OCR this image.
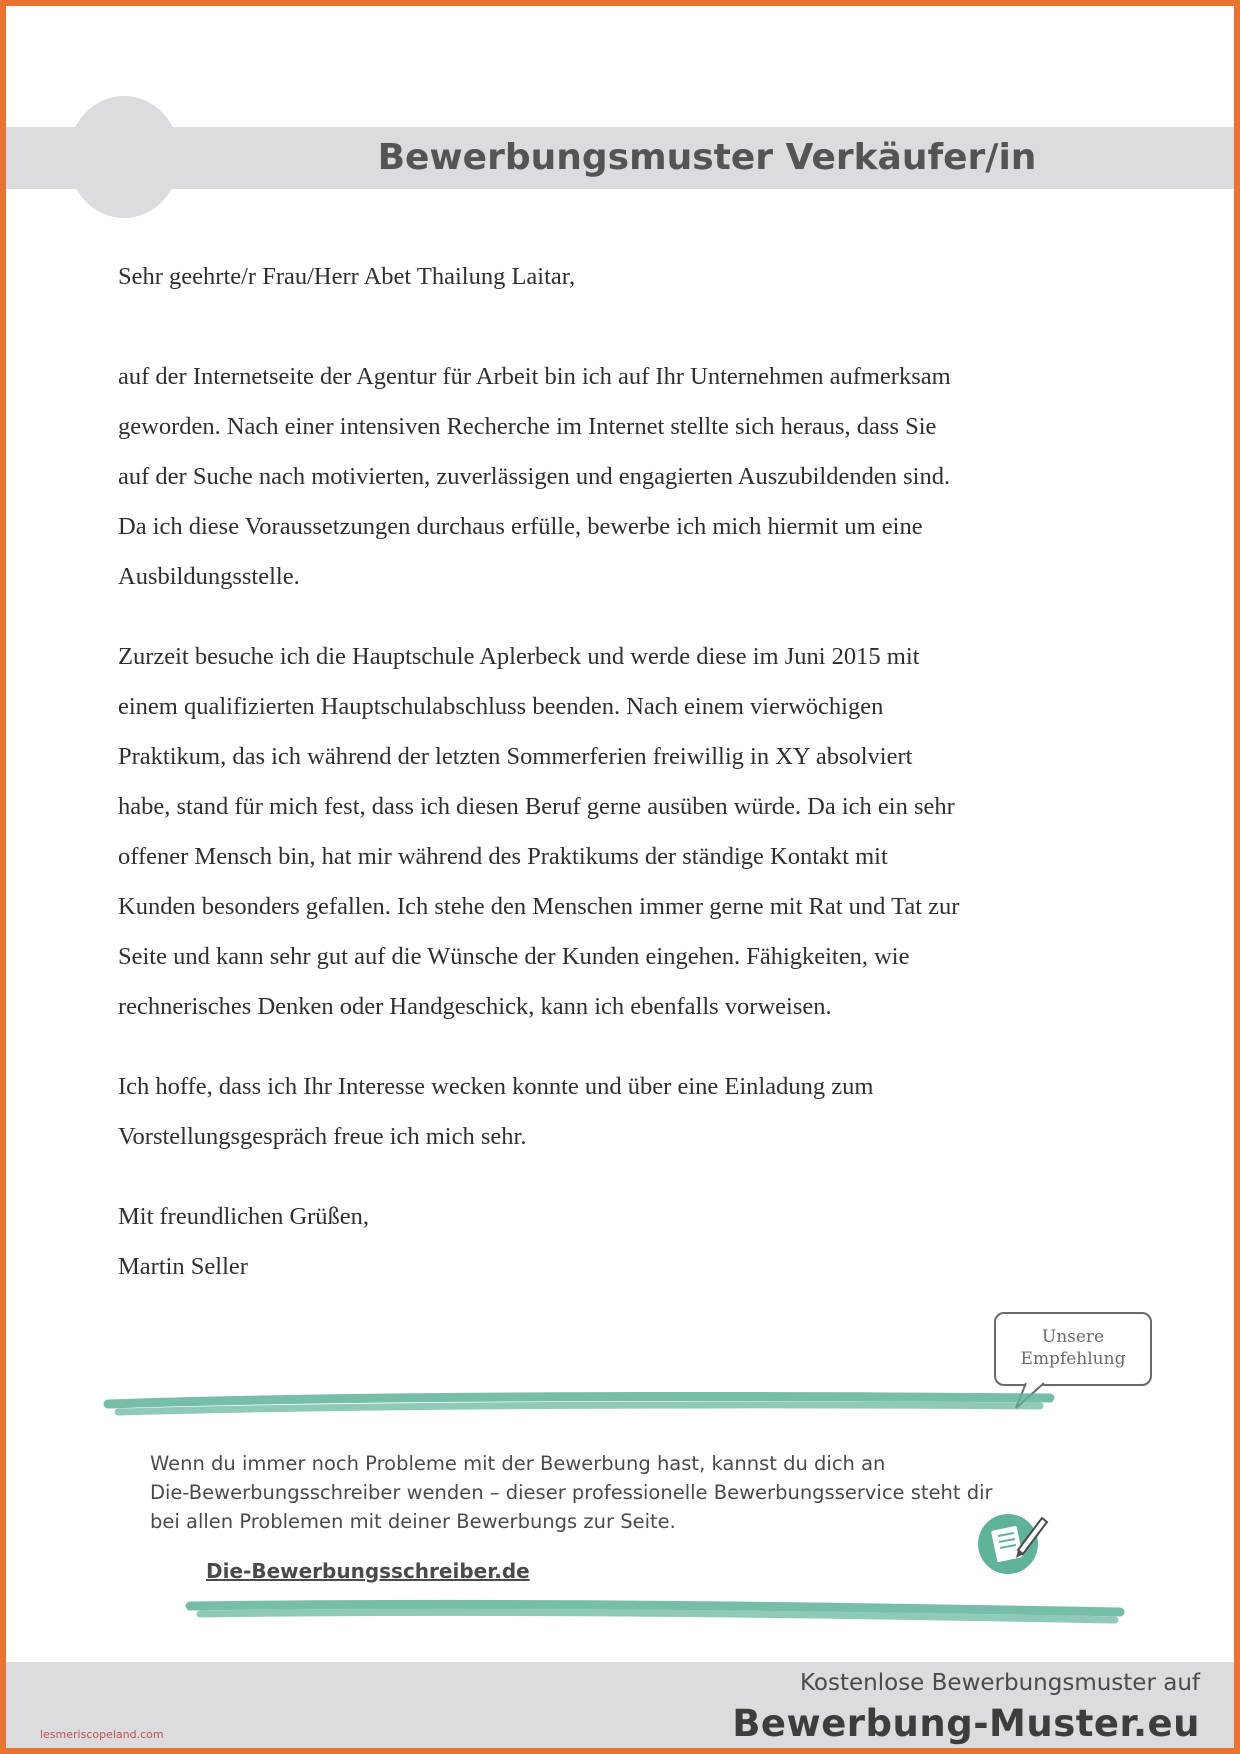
Bewerbungsmuster Verkäufer/in

Sehr geehrte/r Frau/Herr Abet Thailung Laitar,

auf der Internetseite der Agentur für Arbeit bin ich auf Ihr Unternehmen aufmerksam

geworden. Nach einer intensiven Recherche im Internet stellte sich heraus, dass Sie

auf der Suche nach motivierten, zuverlässigen und engagierten Auszubildenden sind.

Da ich diese Voraussetzungen durchaus erfülle, bewerbe ich mich hiermit um eine

Ausbildungsstelle.

Zurzeit besuche ich die Hauptschule Aplerbeck und werde diese im Juni 2015 mit

einem qualifizierten Hauptschulabschluss beenden. Nach einem vierwöchigen

Praktikum, das ich während der letzten Sommerferien freiwillig in XY absolviert

habe, stand für mich fest, dass ich diesen Beruf gerne ausüben würde. Da ich ein sehr

offener Mensch bin, hat mir während des Praktikums der ständige Kontakt mit

Kunden besonders gefallen. Ich stehe den Menschen immer gerne mit Rat und Tat zur

Seite und kann sehr gut auf die Wünsche der Kunden eingehen. Fähigkeiten, wie

rechnerisches Denken oder Handgeschick, kann ich ebenfalls vorweisen.

Ich hoffe, dass ich Ihr Interesse wecken konnte und über eine Einladung zum

Vorstellungsgespräch freue ich mich sehr.

Mit freundlichen Grüßen,

Martin Seller

Unsere
Empfehlung

Wenn du immer noch Probleme mit der Bewerbung hast, kannst du dich an

Die-Bewerbungsschreiber wenden – dieser professionelle Bewerbungsservice steht dir

bei allen Problemen mit deiner Bewerbungs zur Seite.

Die-Bewerbungsschreiber.de
Kostenlose Bewerbungsmuster auf
Bewerbung-Muster.eu
lesmeriscopeland.com
